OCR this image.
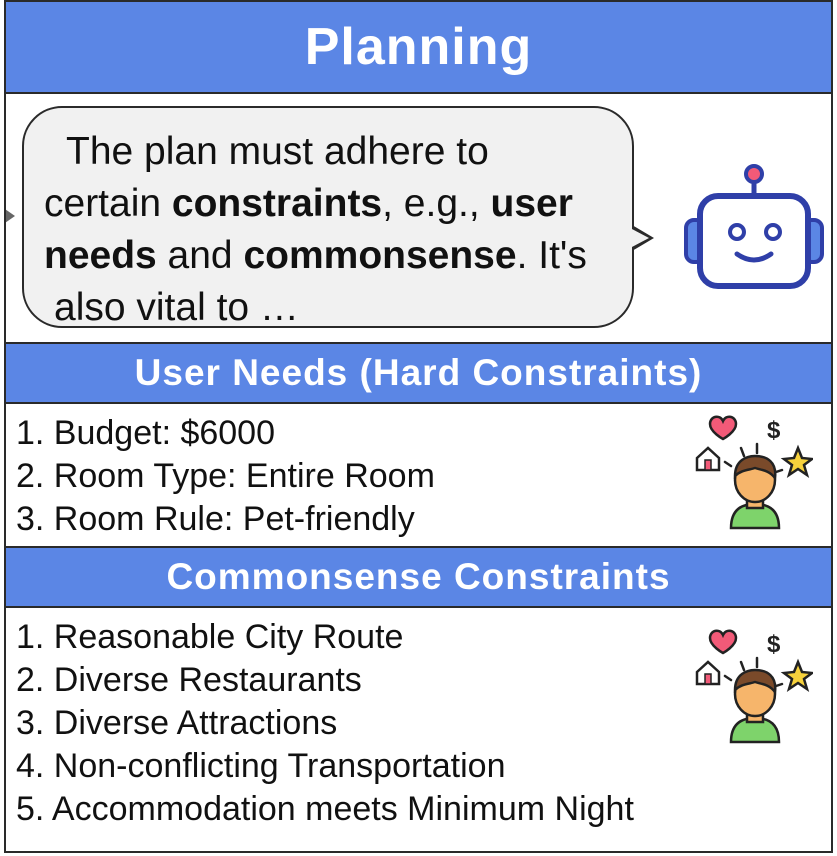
Planning
The plan must adhere to
certain constraints, e.g., user
needs and commonsense. It's
also vital to …
User Needs (Hard Constraints)
1. Budget: $6000
2. Room Type: Entire Room
3. Room Rule: Pet-friendly
$
Commonsense Constraints
1. Reasonable City Route
2. Diverse Restaurants
3. Diverse Attractions
4. Non-conflicting Transportation
5. Accommodation meets Minimum Night
$
